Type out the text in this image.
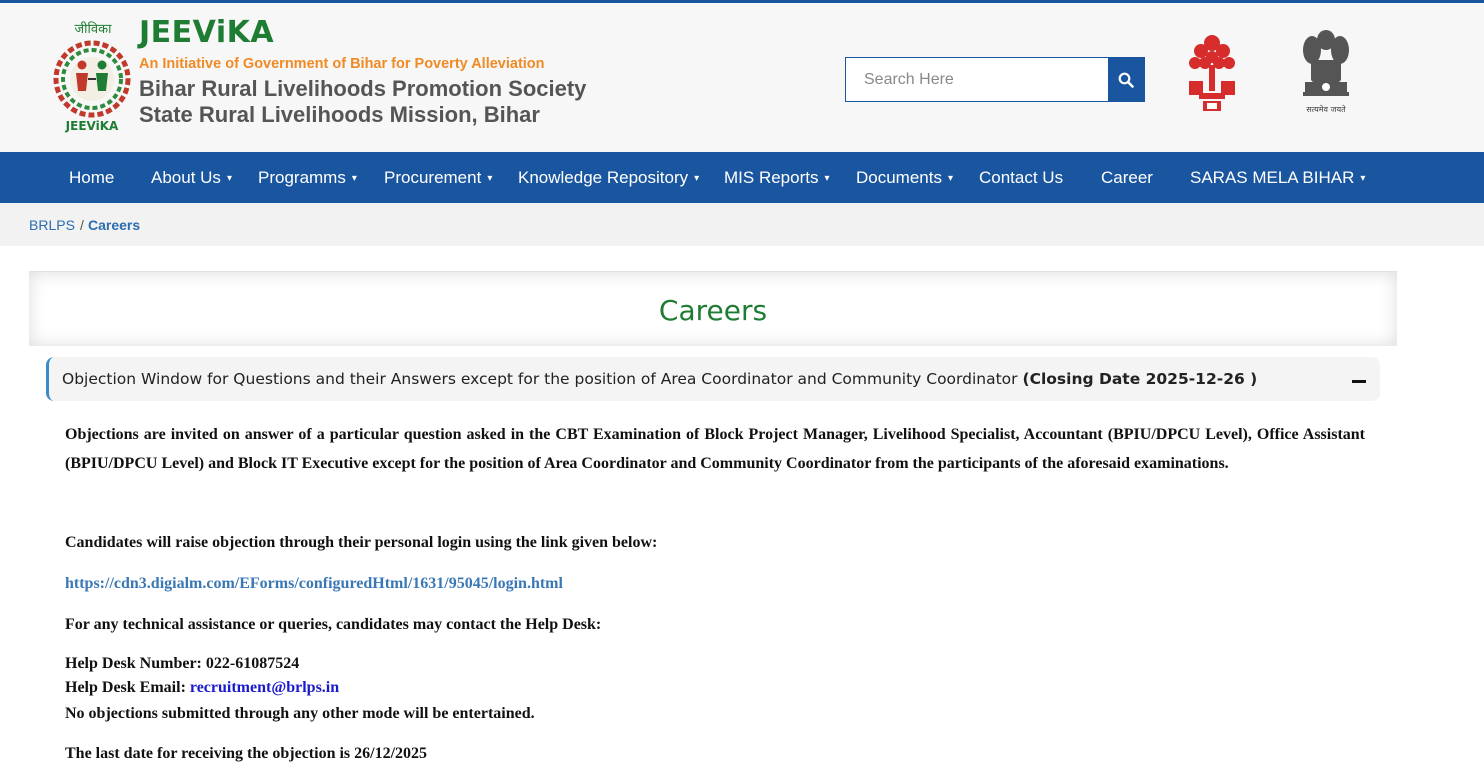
जीविका
JEEViKA
JEEViKA
An Initiative of Government of Bihar for Poverty Alleviation
Bihar Rural Livelihoods Promotion Society
State Rural Livelihoods Mission, Bihar
Search Here	सत्यमेव जयते
Home About Us ▾ Programms ▾ Procurement ▾ Knowledge Repository ▾ MIS Reports ▾ Documents ▾ Contact Us Career SARAS MELA BIHAR ▾
BRLPS / Careers
Careers
Objection Window for Questions and their Answers except for the position of Area Coordinator and Community Coordinator (Closing Date 2025-12-26 )
Objections are invited on answer of a particular question asked in the CBT Examination of Block Project Manager, Livelihood Specialist, Accountant (BPIU/DPCU Level), Office Assistant (BPIU/DPCU Level) and Block IT Executive except for the position of Area Coordinator and Community Coordinator from the participants of the aforesaid examinations.
Candidates will raise objection through their personal login using the link given below:
https://cdn3.digialm.com/EForms/configuredHtml/1631/95045/login.html
For any technical assistance or queries, candidates may contact the Help Desk:
Help Desk Number: 022-61087524
Help Desk Email: recruitment@brlps.in
No objections submitted through any other mode will be entertained.
The last date for receiving the objection is 26/12/2025
